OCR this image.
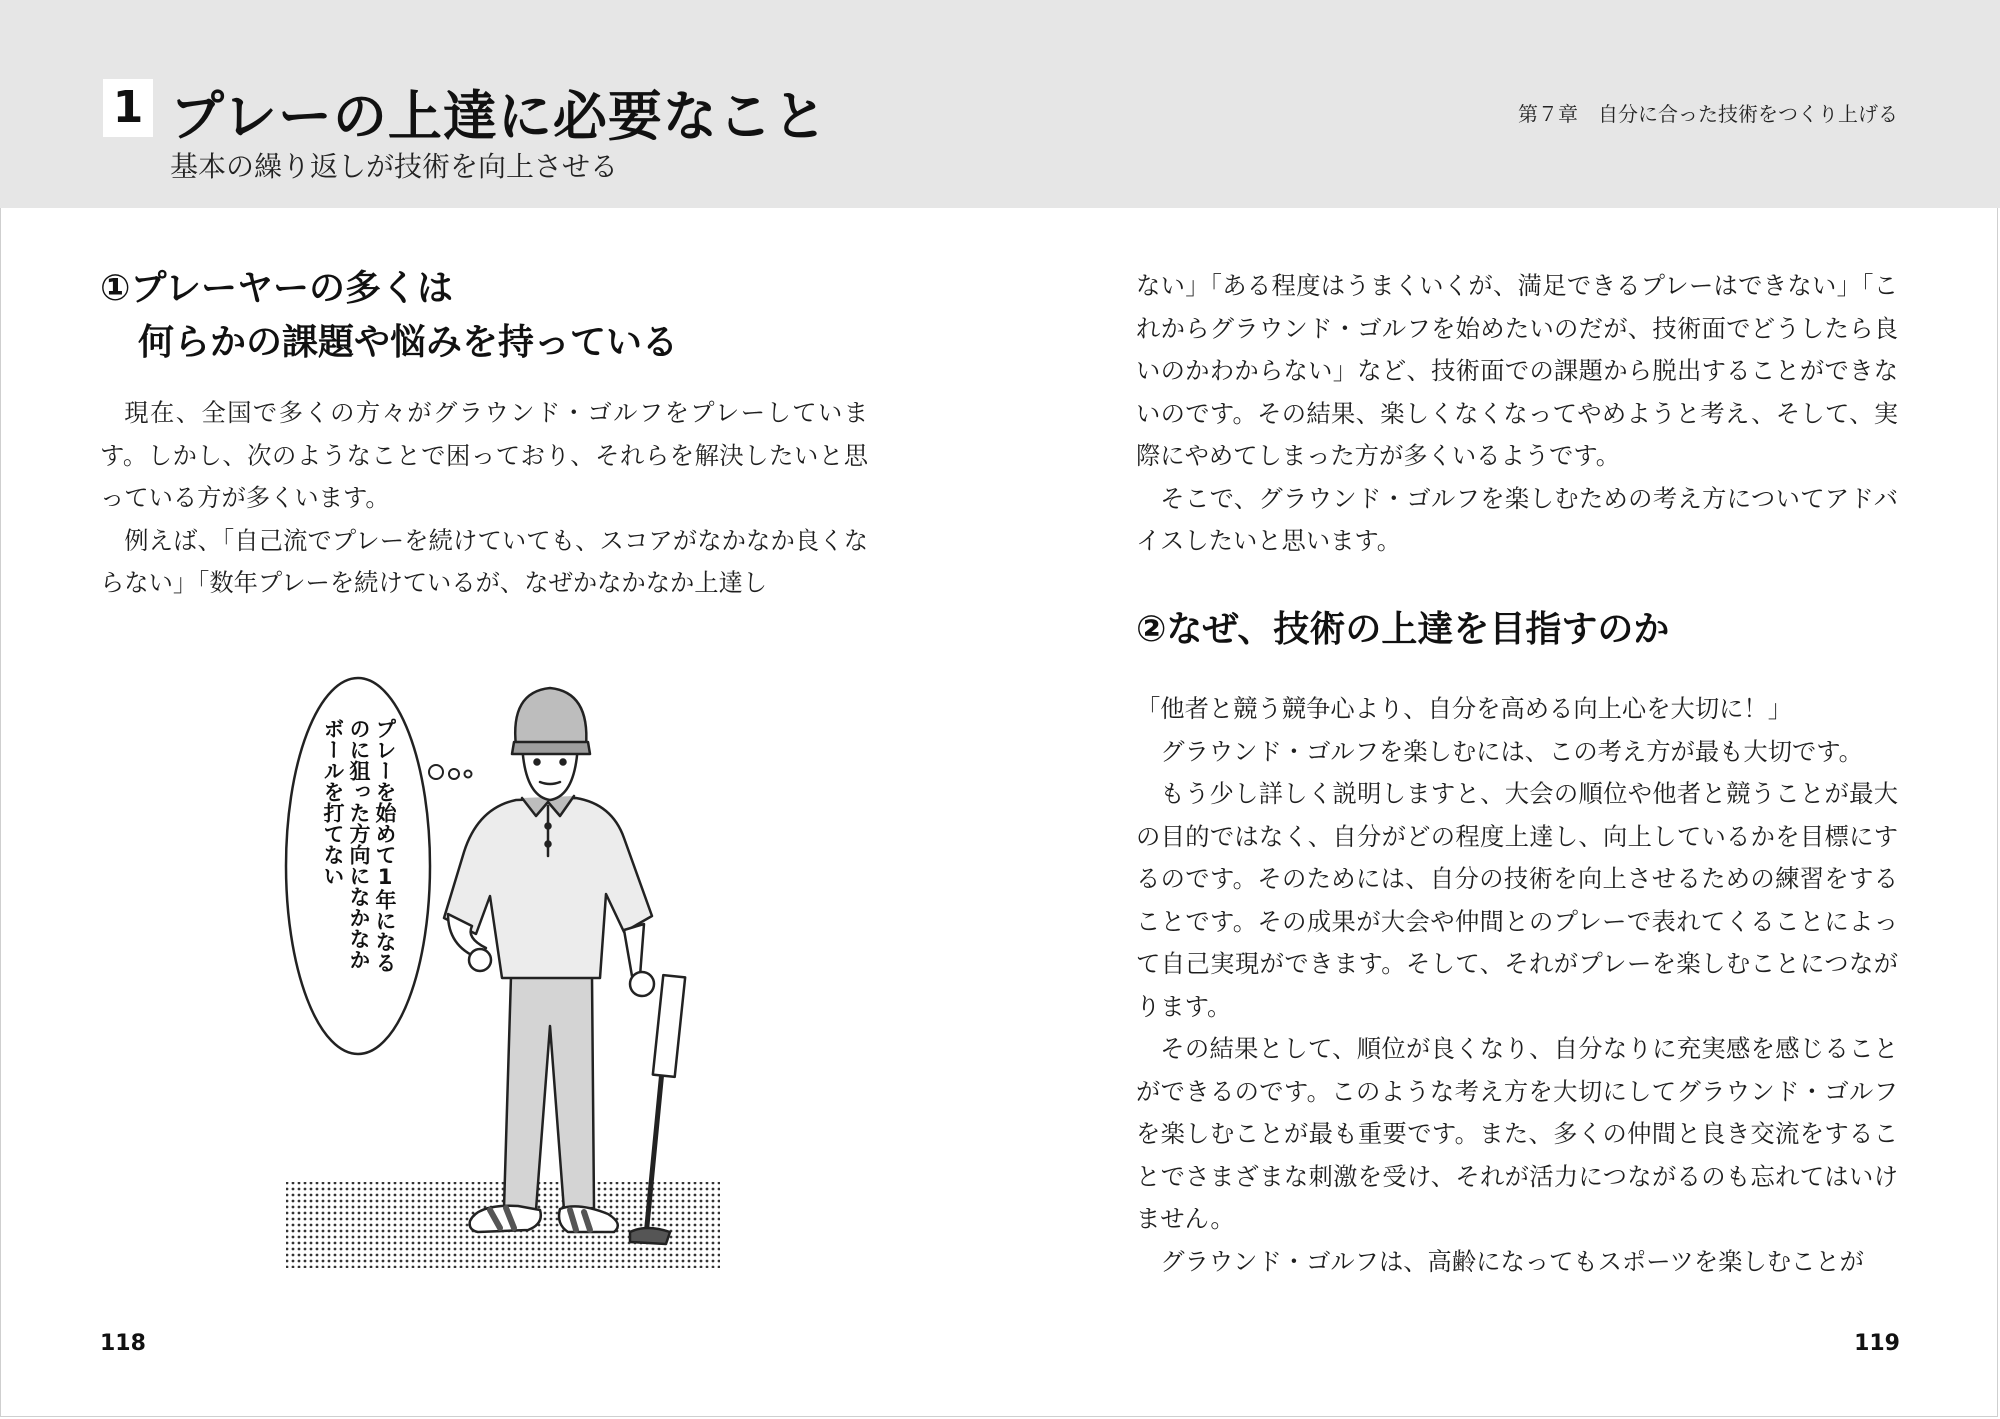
1 プレーの上達に必要なこと
基本の繰り返しが技術を向上させる
第７章　自分に合った技術をつくり上げる
①プレーヤーの多くは
何らかの課題や悩みを持っている

現在、全国で多くの方々がグラウンド・ゴルフをプレーしています。しかし、次のようなことで困っており、それらを解決したいと思っている方が多くいます。

例えば、「自己流でプレーを続けていても、スコアがなかなか良くならない」「数年プレーを続けているが、なぜかなかなか上達し

プレーを始めて1年になる
のに狙った方向になかなか
ボールを打てない
118

ない」「ある程度はうまくいくが、満足できるプレーはできない」「これからグラウンド・ゴルフを始めたいのだが、技術面でどうしたら良いのかわからない」など、技術面での課題から脱出することができないのです。その結果、楽しくなくなってやめようと考え、そして、実際にやめてしまった方が多くいるようです。

そこで、グラウンド・ゴルフを楽しむための考え方についてアドバイスしたいと思います。

②なぜ、技術の上達を目指すのか

「他者と競う競争心より、自分を高める向上心を大切に！」

グラウンド・ゴルフを楽しむには、この考え方が最も大切です。

もう少し詳しく説明しますと、大会の順位や他者と競うことが最大の目的ではなく、自分がどの程度上達し、向上しているかを目標にするのです。そのためには、自分の技術を向上させるための練習をすることです。その成果が大会や仲間とのプレーで表れてくることによって自己実現ができます。そして、それがプレーを楽しむことにつながります。

その結果として、順位が良くなり、自分なりに充実感を感じることができるのです。このような考え方を大切にしてグラウンド・ゴルフを楽しむことが最も重要です。また、多くの仲間と良き交流をすることでさまざまな刺激を受け、それが活力につながるのも忘れてはいけません。

グラウンド・ゴルフは、高齢になってもスポーツを楽しむことが

119
